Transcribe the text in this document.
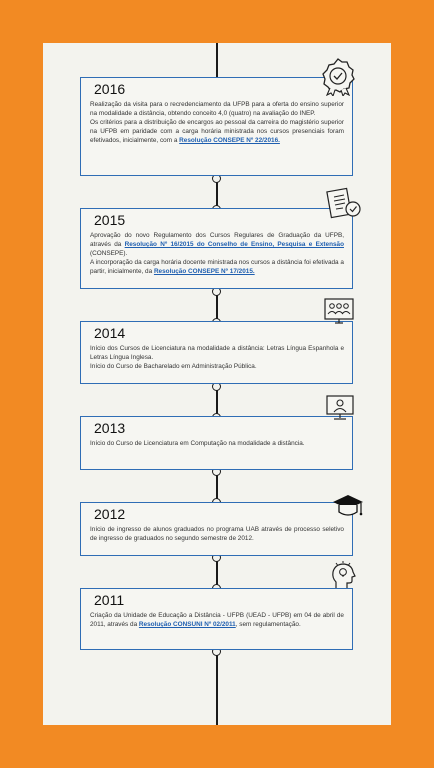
2016

Realização da visita para o recredenciamento da UFPB para a oferta do ensino superior na modalidade a distância, obtendo conceito 4,0 (quatro) na avaliação do INEP.

Os critérios para a distribuição de encargos ao pessoal da carreira do magistério superior na UFPB em paridade com a carga horária ministrada nos cursos presenciais foram efetivados, inicialmente, com a Resolução CONSEPE Nº 22/2016.

2015

Aprovação do novo Regulamento dos Cursos Regulares de Graduação da UFPB, através da Resolução Nº 16/2015 do Conselho de Ensino, Pesquisa e Extensão (CONSEPE).

A incorporação da carga horária docente ministrada nos cursos a distância foi efetivada a partir, inicialmente, da Resolução CONSEPE Nº 17/2015.

2014

Início dos Cursos de Licenciatura na modalidade a distância: Letras Língua Espanhola e Letras Língua Inglesa.

Início do Curso de Bacharelado em Administração Pública.

2013

Início do Curso de Licenciatura em Computação na modalidade a distância.

2012

Início de ingresso de alunos graduados no programa UAB através de processo seletivo de ingresso de graduados no segundo semestre de 2012.

2011

Criação da Unidade de Educação a Distância - UFPB (UEAD - UFPB) em 04 de abril de 2011, através da Resolução CONSUNI Nº 02/2011, sem regulamentação.
